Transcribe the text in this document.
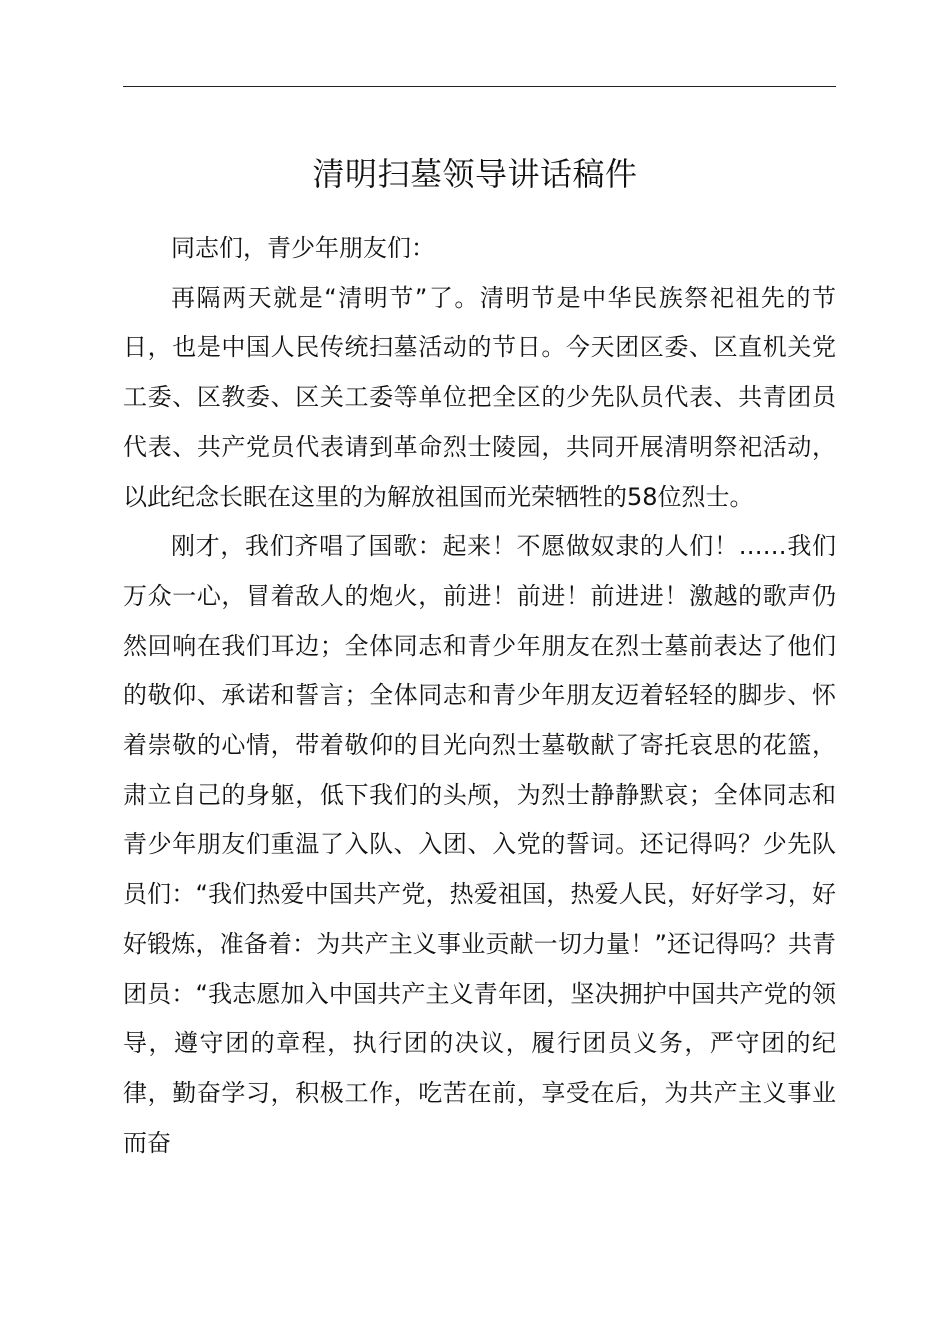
清明扫墓领导讲话稿件

同志们，青少年朋友们：

再隔两天就是“清明节”了。清明节是中华民族祭祀祖先的节日，也是中国人民传统扫墓活动的节日。今天团区委、区直机关党工委、区教委、区关工委等单位把全区的少先队员代表、共青团员代表、共产党员代表请到革命烈士陵园，共同开展清明祭祀活动，以此纪念长眠在这里的为解放祖国而光荣牺牲的58位烈士。

刚才，我们齐唱了国歌：起来！不愿做奴隶的人们！……我们万众一心，冒着敌人的炮火，前进！前进！前进进！激越的歌声仍然回响在我们耳边；全体同志和青少年朋友在烈士墓前表达了他们的敬仰、承诺和誓言；全体同志和青少年朋友迈着轻轻的脚步、怀着崇敬的心情，带着敬仰的目光向烈士墓敬献了寄托哀思的花篮，肃立自己的身躯，低下我们的头颅，为烈士静静默哀；全体同志和青少年朋友们重温了入队、入团、入党的誓词。还记得吗？少先队员们：“我们热爱中国共产党，热爱祖国，热爱人民，好好学习，好好锻炼，准备着：为共产主义事业贡献一切力量！”还记得吗？共青团员：“我志愿加入中国共产主义青年团，坚决拥护中国共产党的领导，遵守团的章程，执行团的决议，履行团员义务，严守团的纪律，勤奋学习，积极工作，吃苦在前，享受在后，为共产主义事业而奋
